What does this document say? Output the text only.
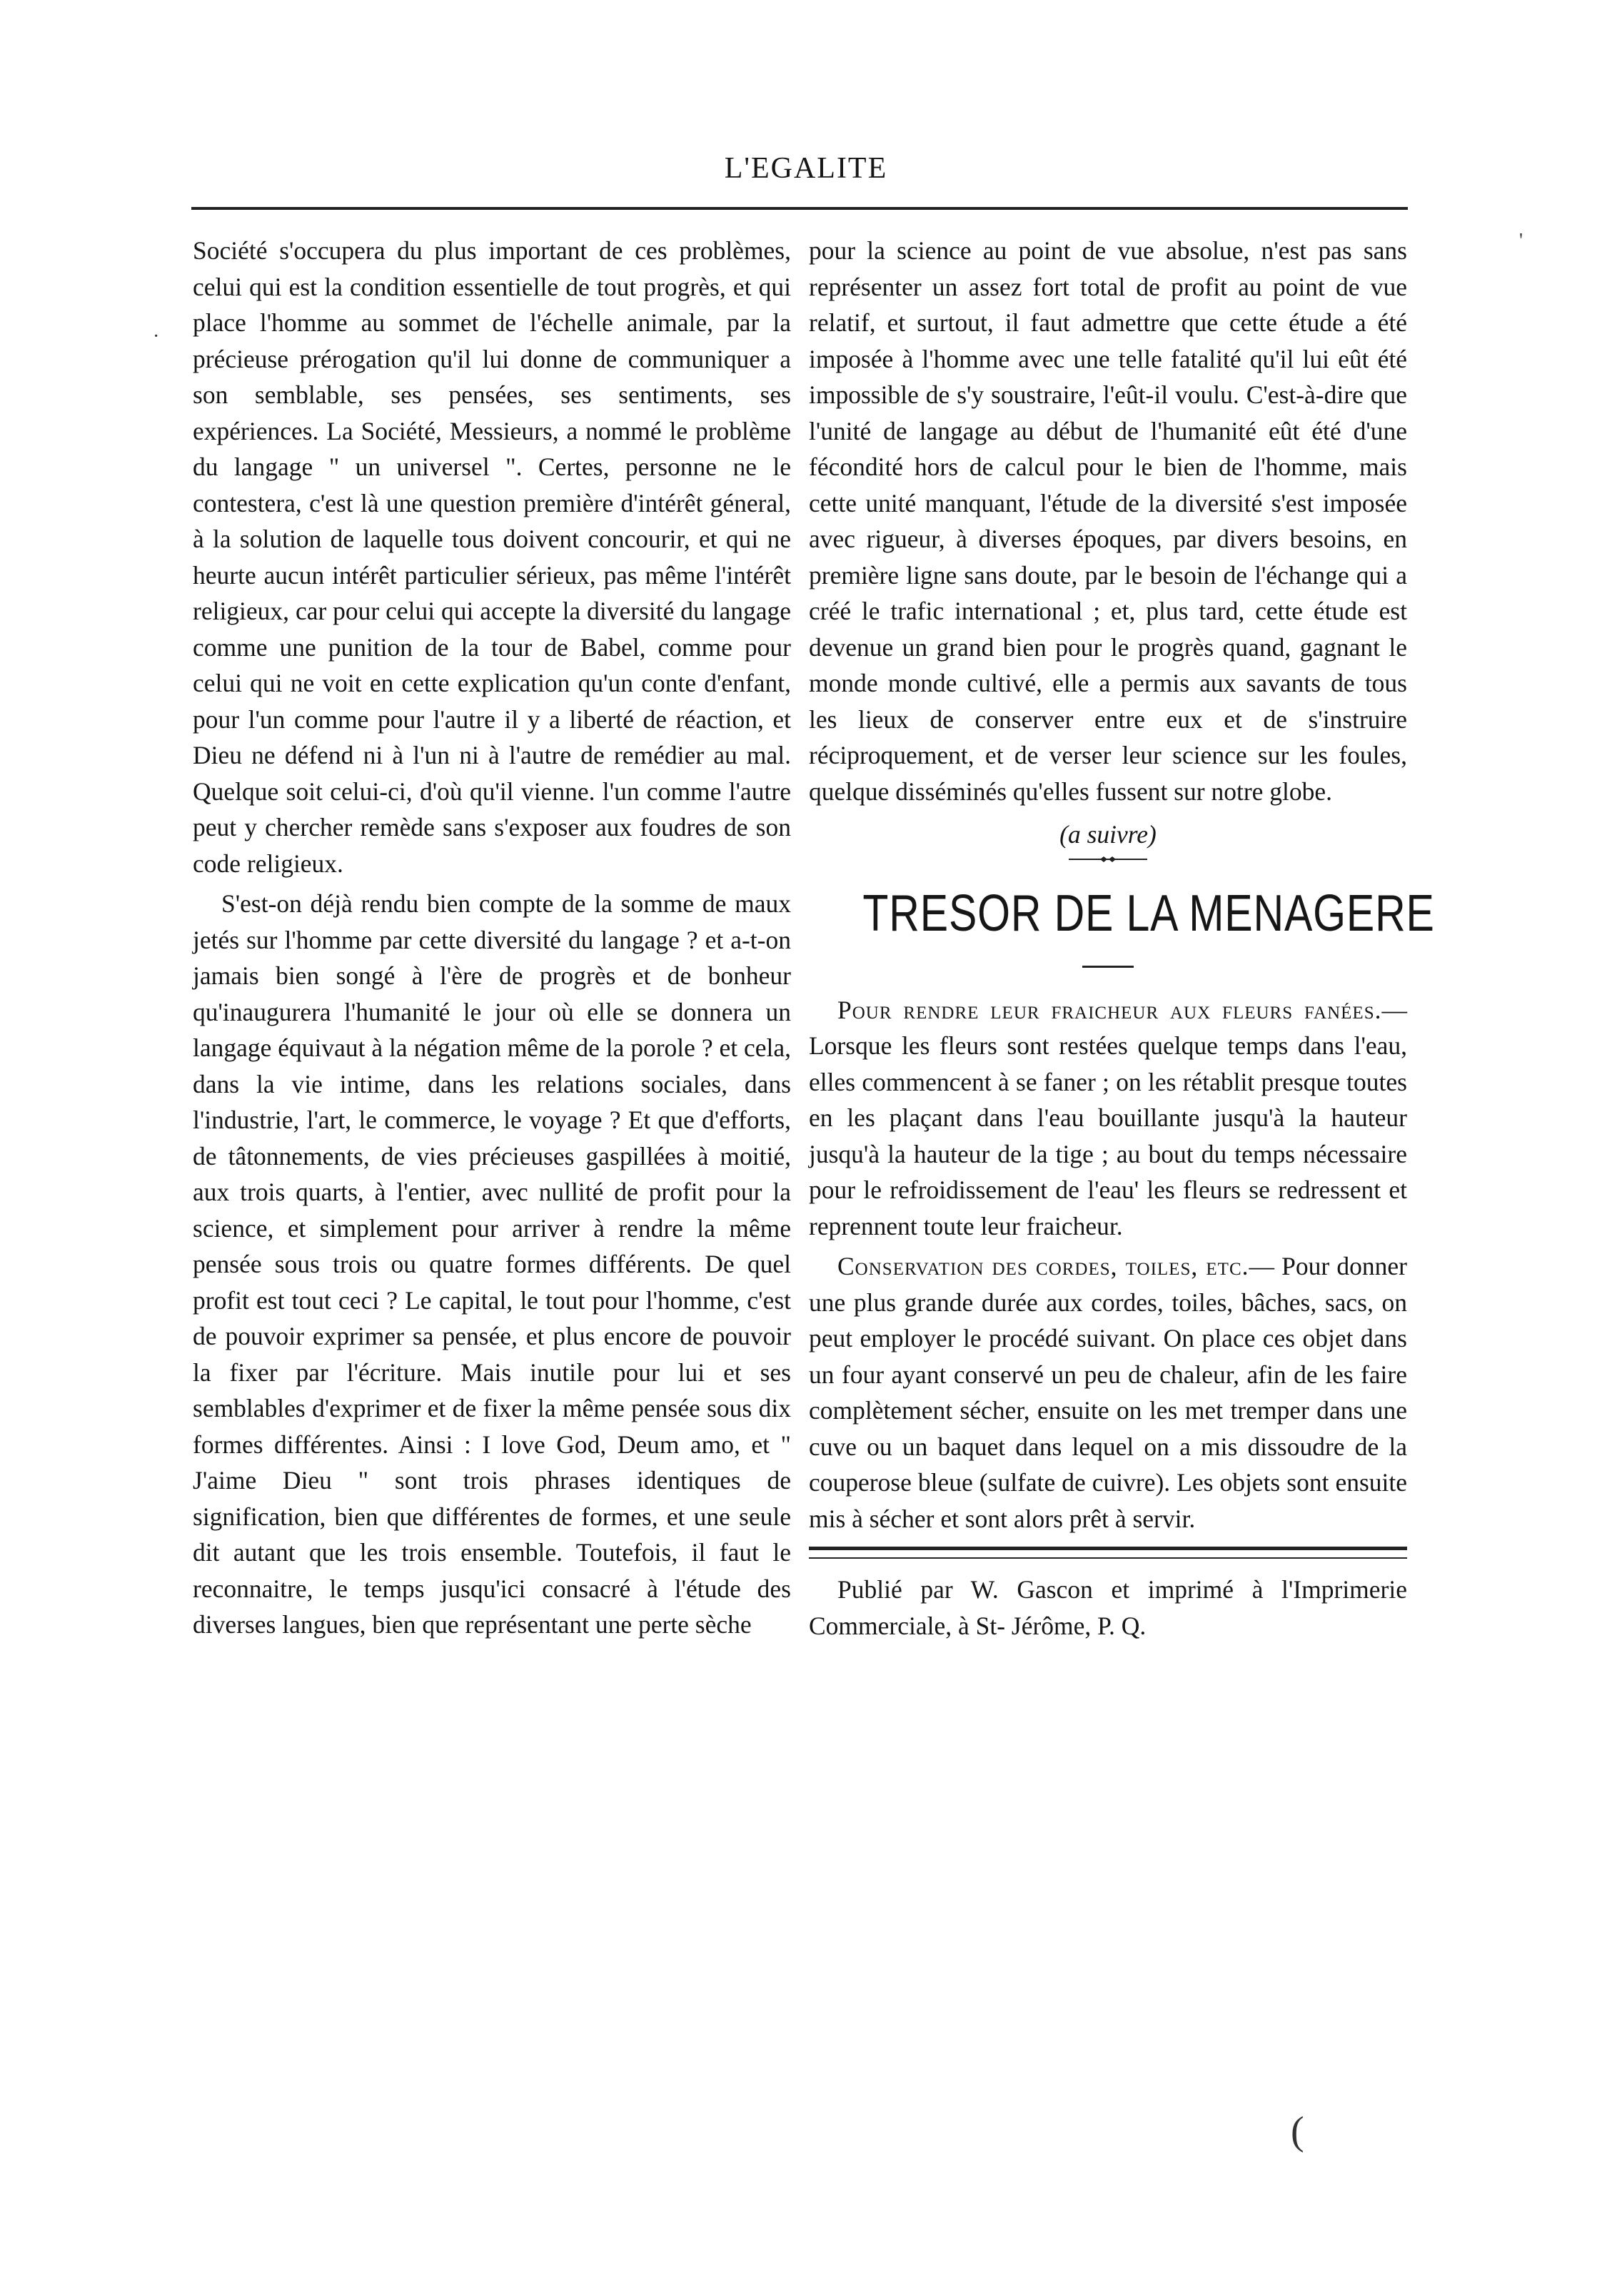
L'EGALITE

Société s'occupera du plus important de ces problèmes, celui qui est la condition essentielle de tout progrès, et qui place l'homme au sommet de l'échelle animale, par la précieuse prérogation qu'il lui donne de communiquer a son semblable, ses pensées, ses sentiments, ses expériences. La Société, Messieurs, a nommé le problème du langage " un universel ". Certes, personne ne le contestera, c'est là une question première d'intérêt géneral, à la solution de laquelle tous doivent concourir, et qui ne heurte aucun intérêt particulier sérieux, pas même l'intérêt religieux, car pour celui qui accepte la diversité du langage comme une punition de la tour de Babel, comme pour celui qui ne voit en cette explication qu'un conte d'enfant, pour l'un comme pour l'autre il y a liberté de réaction, et Dieu ne défend ni à l'un ni à l'autre de remédier au mal. Quelque soit celui-ci, d'où qu'il vienne. l'un comme l'autre peut y chercher remède sans s'exposer aux foudres de son code religieux.

S'est-on déjà rendu bien compte de la somme de maux jetés sur l'homme par cette diversité du langage ? et a-t-on jamais bien songé à l'ère de progrès et de bonheur qu'inaugurera l'humanité le jour où elle se donnera un langage équivaut à la négation même de la porole ? et cela, dans la vie intime, dans les relations sociales, dans l'industrie, l'art, le commerce, le voyage ? Et que d'efforts, de tâtonnements, de vies précieuses gaspillées à moitié, aux trois quarts, à l'entier, avec nullité de profit pour la science, et simplement pour arriver à rendre la même pensée sous trois ou quatre formes différents. De quel profit est tout ceci ? Le capital, le tout pour l'homme, c'est de pouvoir exprimer sa pensée, et plus encore de pouvoir la fixer par l'écriture. Mais inutile pour lui et ses semblables d'exprimer et de fixer la même pensée sous dix formes différentes. Ainsi : I love God, Deum amo, et " J'aime Dieu " sont trois phrases identiques de signification, bien que différentes de formes, et une seule dit autant que les trois ensemble. Toutefois, il faut le reconnaitre, le temps jusqu'ici consacré à l'étude des diverses langues, bien que représentant une perte sèche

pour la science au point de vue absolue, n'est pas sans représenter un assez fort total de profit au point de vue relatif, et surtout, il faut admettre que cette étude a été imposée à l'homme avec une telle fatalité qu'il lui eût été impossible de s'y soustraire, l'eût-il voulu. C'est-à-dire que l'unité de langage au début de l'humanité eût été d'une fécondité hors de calcul pour le bien de l'homme, mais cette unité manquant, l'étude de la diversité s'est imposée avec rigueur, à diverses époques, par divers besoins, en première ligne sans doute, par le besoin de l'échange qui a créé le trafic international ; et, plus tard, cette étude est devenue un grand bien pour le progrès quand, gagnant le monde monde cultivé, elle a permis aux savants de tous les lieux de conserver entre eux et de s'instruire réciproquement, et de verser leur science sur les foules, quelque disséminés qu'elles fussent sur notre globe.

(a suivre)
TRESOR DE LA MENAGERE

Pour rendre leur fraicheur aux fleurs fanées.—Lorsque les fleurs sont restées quelque temps dans l'eau, elles commencent à se faner ; on les rétablit presque toutes en les plaçant dans l'eau bouillante jusqu'à la hauteur jusqu'à la hauteur de la tige ; au bout du temps nécessaire pour le refroidissement de l'eau' les fleurs se redressent et reprennent toute leur fraicheur.

Conservation des cordes, toiles, etc.— Pour donner une plus grande durée aux cordes, toiles, bâches, sacs, on peut employer le procédé suivant. On place ces objet dans un four ayant conservé un peu de chaleur, afin de les faire complètement sécher, ensuite on les met tremper dans une cuve ou un baquet dans lequel on a mis dissoudre de la couperose bleue (sulfate de cuivre). Les objets sont ensuite mis à sécher et sont alors prêt à servir.

Publié par W. Gascon et imprimé à l'Imprimerie Commerciale, à St- Jérôme, P. Q.

'
·
(
